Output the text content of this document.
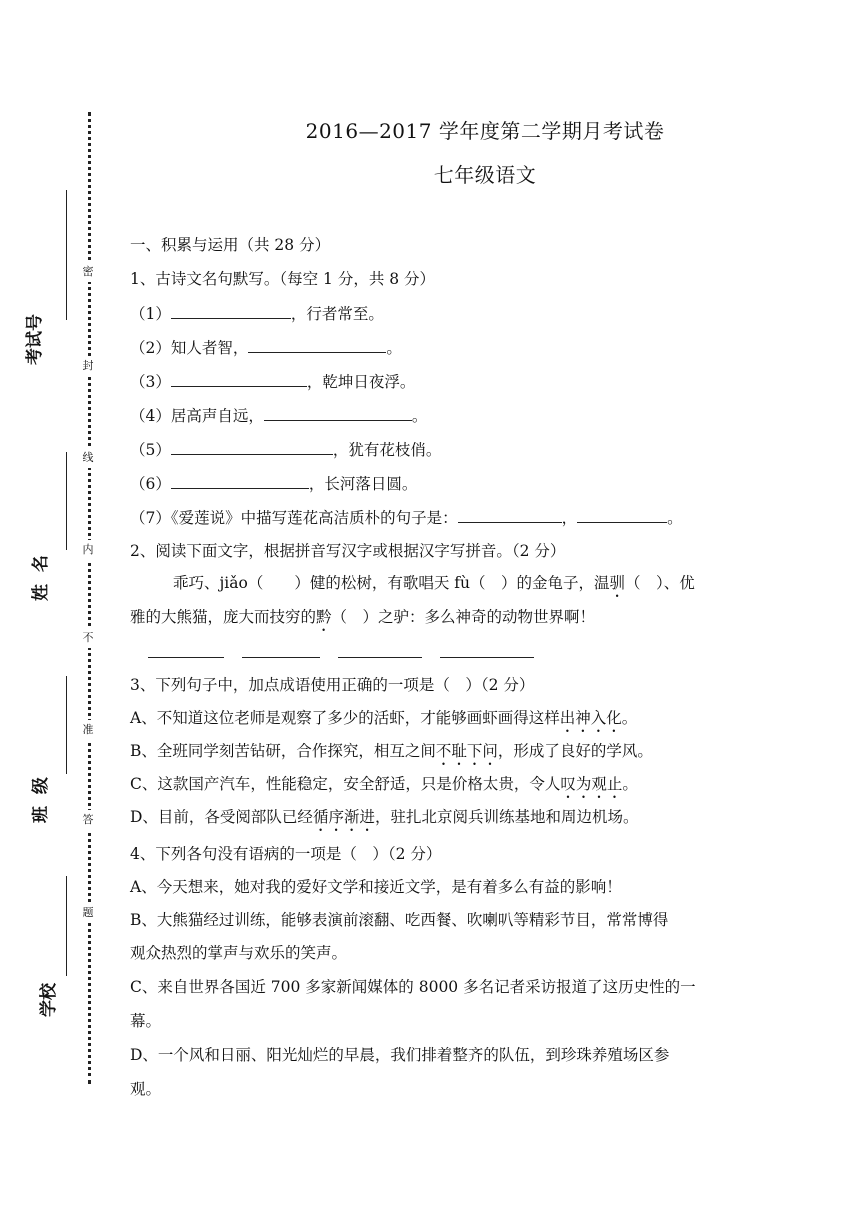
密
封
线
内
不
准
答
题
考试号
姓  名
班  级
学校
2016—2017 学年度第二学期月考试卷
七年级语文
一、积累与运用（共 28 分）
1、古诗文名句默写。（每空 1 分，共 8 分）
（1）	，行者常至。
（2）知人者智，	。
（3）	，乾坤日夜浮。
（4）居高声自远，	。
（5）	，犹有花枝俏。
（6）	，长河落日圆。
（7）《爱莲说》中描写莲花高洁质朴的句子是：	，	。
2、阅读下面文字，根据拼音写汉字或根据汉字写拼音。（2 分）
乖巧、jiǎo（　　）健的松树，有歌唱天 fù（　）的金龟子，温驯（　）、优
雅的大熊猫，庞大而技穷的黔（　）之驴：多么神奇的动物世界啊！
3、下列句子中，加点成语使用正确的一项是（　）（2 分）
A、不知道这位老师是观察了多少的活虾，才能够画虾画得这样出神入化。
B、全班同学刻苦钻研，合作探究，相互之间不耻下问，形成了良好的学风。
C、这款国产汽车，性能稳定，安全舒适，只是价格太贵，令人叹为观止。
D、目前，各受阅部队已经循序渐进，驻扎北京阅兵训练基地和周边机场。
4、下列各句没有语病的一项是（　）（2 分）
A、今天想来，她对我的爱好文学和接近文学，是有着多么有益的影响！
B、大熊猫经过训练，能够表演前滚翻、吃西餐、吹喇叭等精彩节目，常常博得
观众热烈的掌声与欢乐的笑声。
C、来自世界各国近 700 多家新闻媒体的 8000 多名记者采访报道了这历史性的一
幕。
D、一个风和日丽、阳光灿烂的早晨，我们排着整齐的队伍，到珍珠养殖场区参
观。
